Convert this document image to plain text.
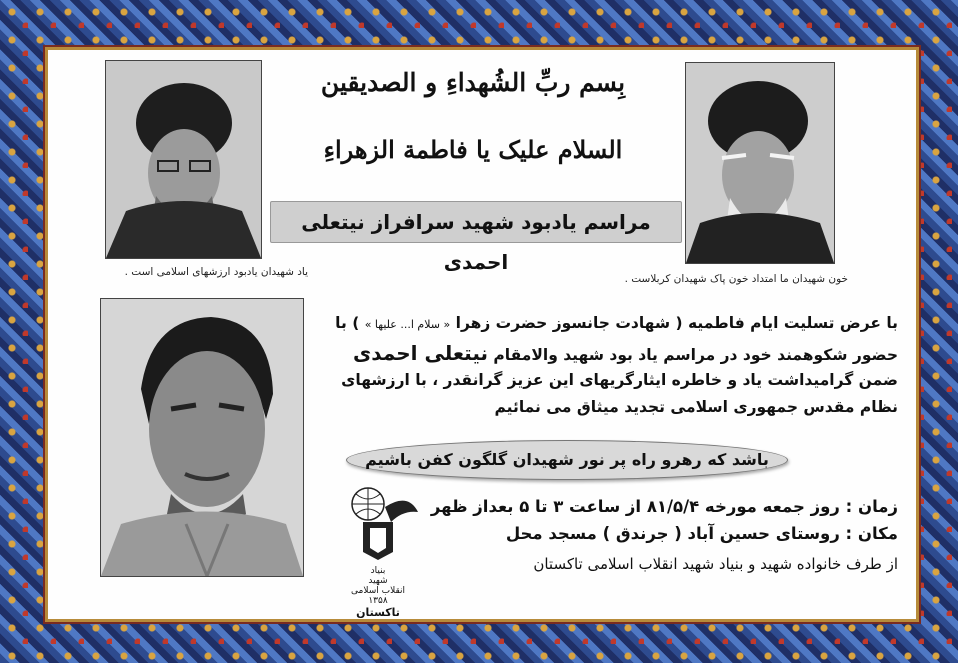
یاد شهیدان یادبود ارزشهای اسلامی است .
خون شهیدان ما امتداد خون پاک شهیدان کربلاست .
بِسم ربِّ الشُهداءِ و الصدیقین
السلام علیک یا فاطمة الزهراءِ
مراسم یادبود شهید سرافراز نیتعلی احمدی
با عرض تسلیت ایام فاطمیه ( شهادت جانسوز حضرت زهرا « سلام ا... علیها » ) با
حضور شکوهمند خود در مراسم یاد بود شهید والامقام نیتعلی احمدی
ضمن گرامیداشت یاد و خاطره ایثارگریهای این عزیز گرانقدر ، با ارزشهای
نظام مقدس جمهوری اسلامی تجدید میثاق می نمائیم
باشد که رهرو راه پر نور شهیدان گلگون کفن باشیم
بنیاد
شهید
انقلاب اسلامی
۱۳۵۸
تاکستان
زمان : روز جمعه مورخه ۸۱/۵/۴ از ساعت ۳ تا ۵ بعداز ظهر
مکان : روستای حسین آباد ( جرندق ) مسجد محل
از طرف خانواده شهید و بنیاد شهید انقلاب اسلامی تاکستان
